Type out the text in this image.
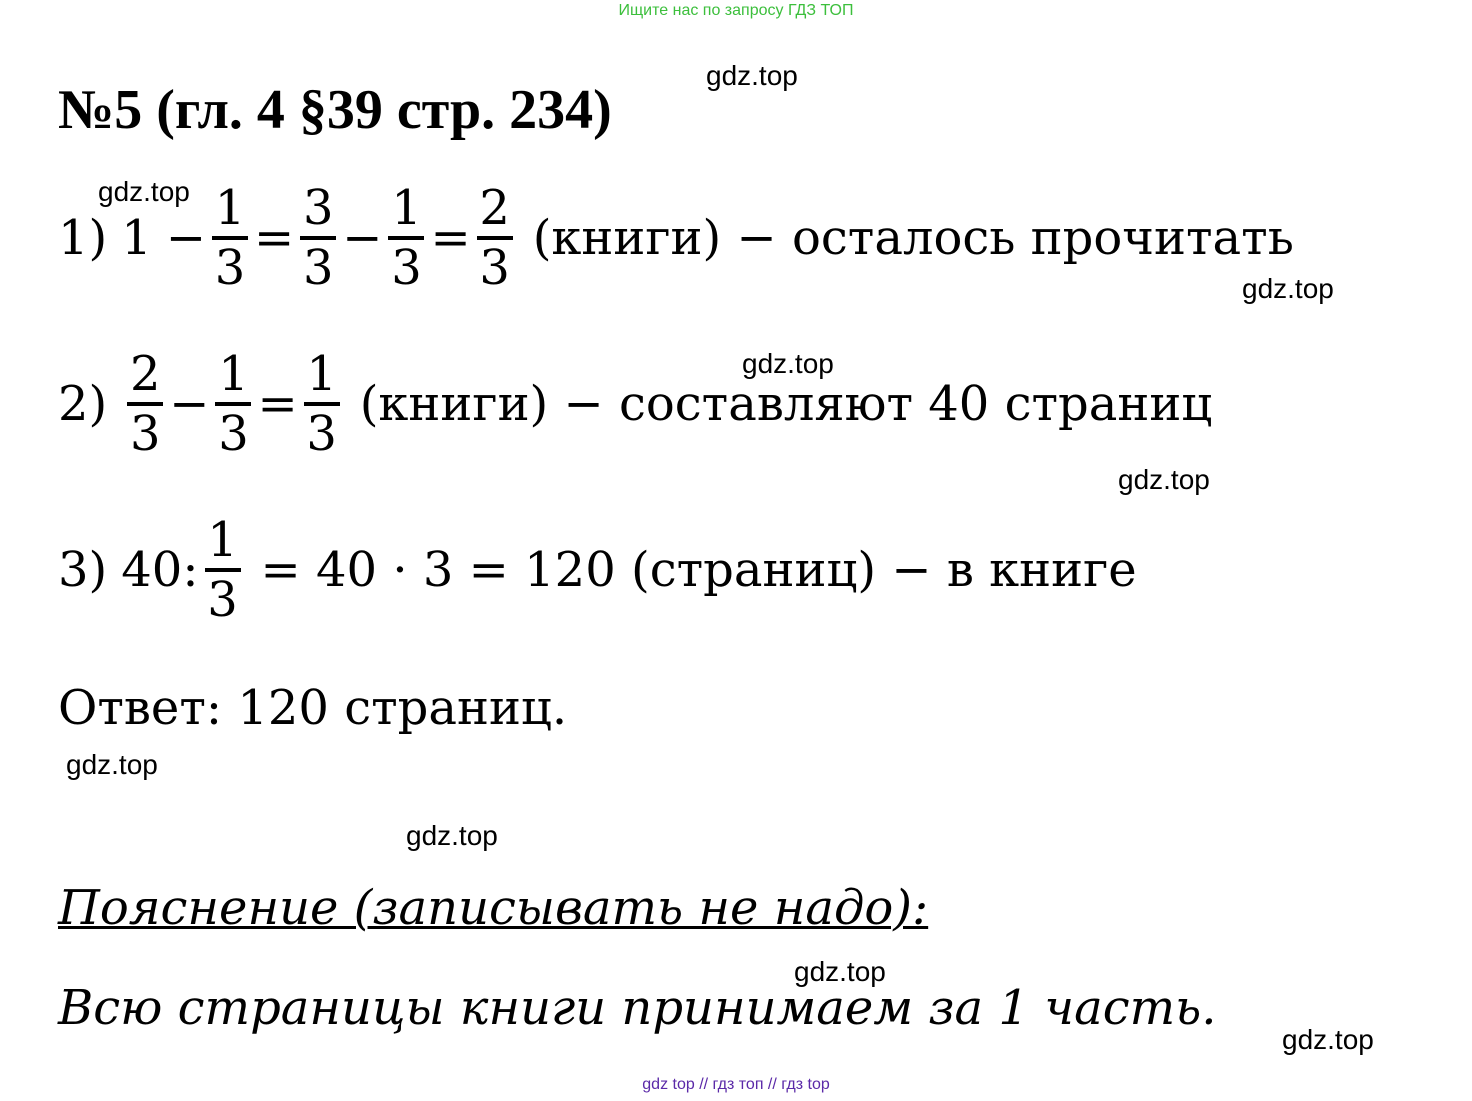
Ищите нас по запросу ГДЗ ТОП
№5 (гл. 4 §39 стр. 234)
gdz.top
gdz.top
gdz.top
gdz.top
gdz.top
gdz.top
gdz.top
gdz.top
gdz.top
1) $1 - \frac{1}{3} = \frac{3}{3} - \frac{1}{3} = \frac{2}{3}$ (книги) − осталось прочитать
$2) \frac{2}{3} - \frac{1}{3} = \frac{1}{3}$ (книги) − составляют 40 страниц
3) 40: $\frac{1}{3} = 40 \cdot 3 = 120$ (страниц) − в книге
Ответ: 120 страниц.
Пояснение (записывать не надо):
Всю страницы книги принимаем за 1 часть.
gdz top // гдз топ // гдз top
